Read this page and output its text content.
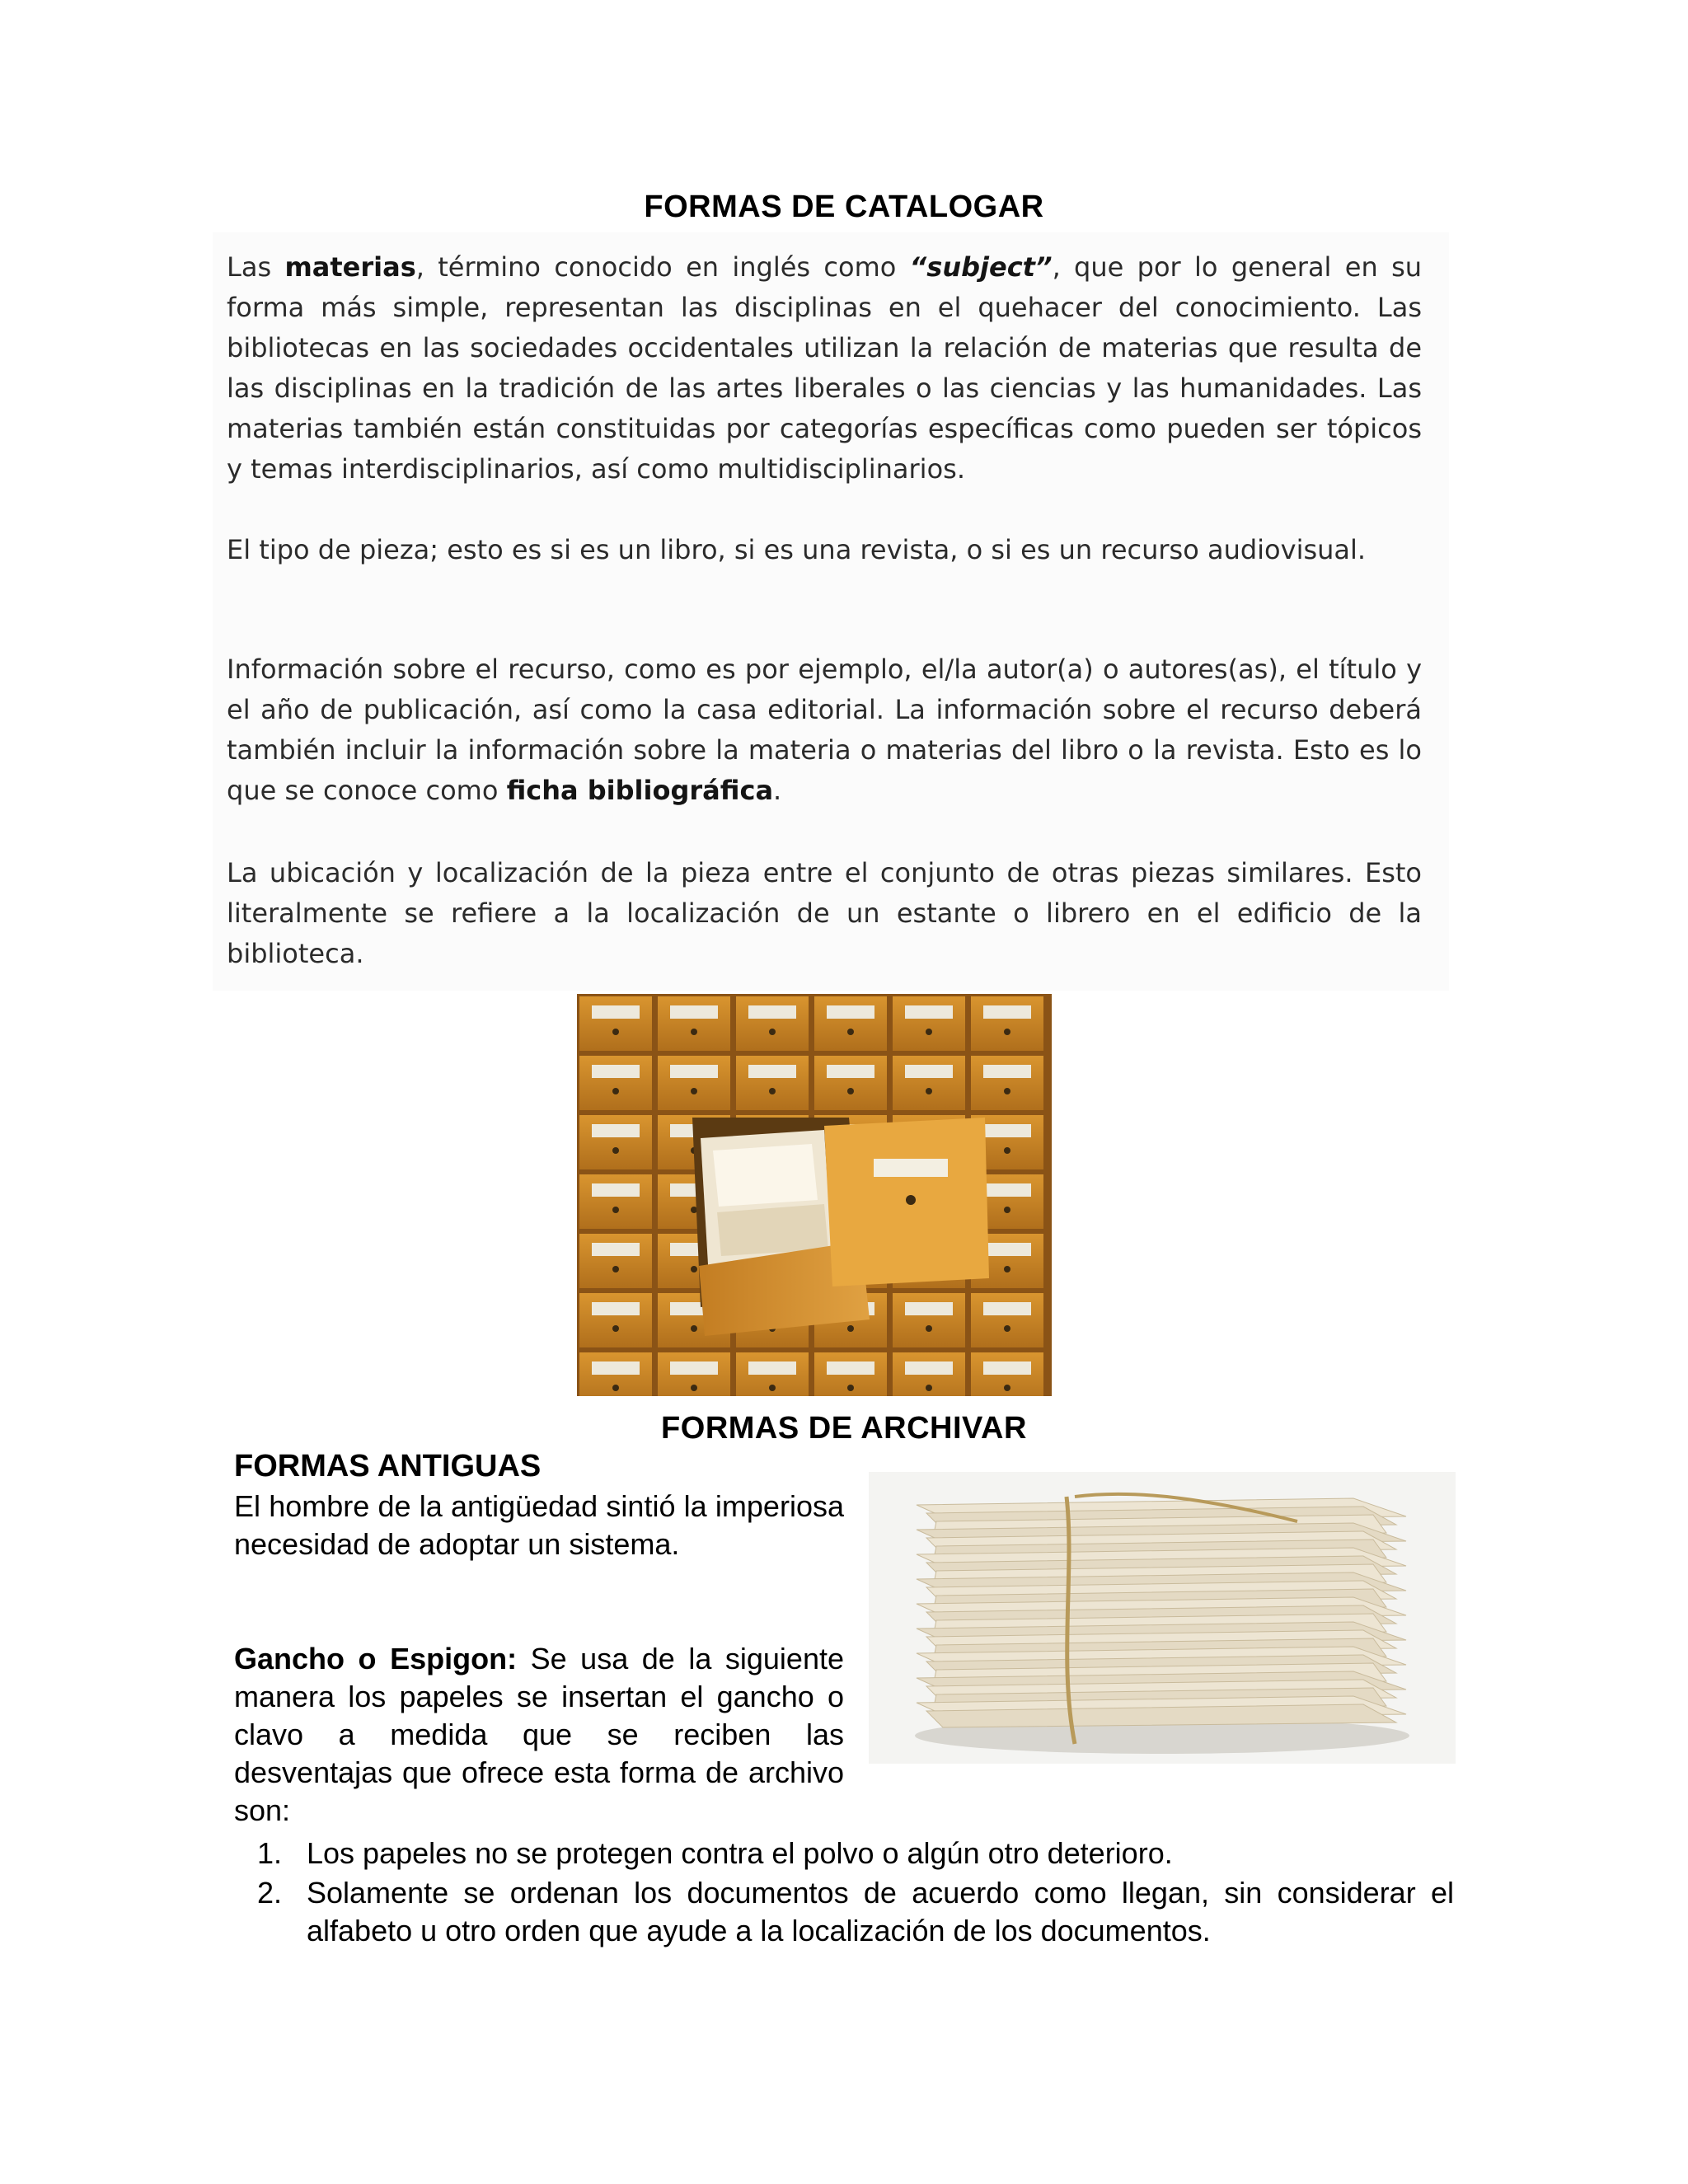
FORMAS DE CATALOGAR

Las materias, término conocido en inglés como “subject”, que por lo general en su forma más simple, representan las disciplinas en el quehacer del conocimiento. Las bibliotecas en las sociedades occidentales utilizan la relación de materias que resulta de las disciplinas en la tradición de las artes liberales o las ciencias y las humanidades. Las materias también están constituidas por categorías específicas como pueden ser tópicos y temas interdisciplinarios, así como multidisciplinarios.

El tipo de pieza; esto es si es un libro, si es una revista, o si es un recurso audiovisual.

Información sobre el recurso, como es por ejemplo, el/la autor(a) o autores(as), el título y el año de publicación, así como la casa editorial. La información sobre el recurso deberá también incluir la información sobre la materia o materias del libro o la revista. Esto es lo que se conoce como ficha bibliográfica.

La ubicación y localización de la pieza entre el conjunto de otras piezas similares. Esto literalmente se refiere a la localización de un estante o librero en el edificio de la biblioteca.

FORMAS DE ARCHIVAR
FORMAS ANTIGUAS

El hombre de la antigüedad sintió la imperiosa necesidad de adoptar un sistema.

Gancho o Espigon: Se usa de la siguiente manera los papeles se insertan el gancho o clavo a medida que se reciben las desventajas que ofrece esta forma de archivo son:

1. Los papeles no se protegen contra el polvo o algún otro deterioro.
2. Solamente se ordenan los documentos de acuerdo como llegan, sin considerar el alfabeto u otro orden que ayude a la localización de los documentos.
